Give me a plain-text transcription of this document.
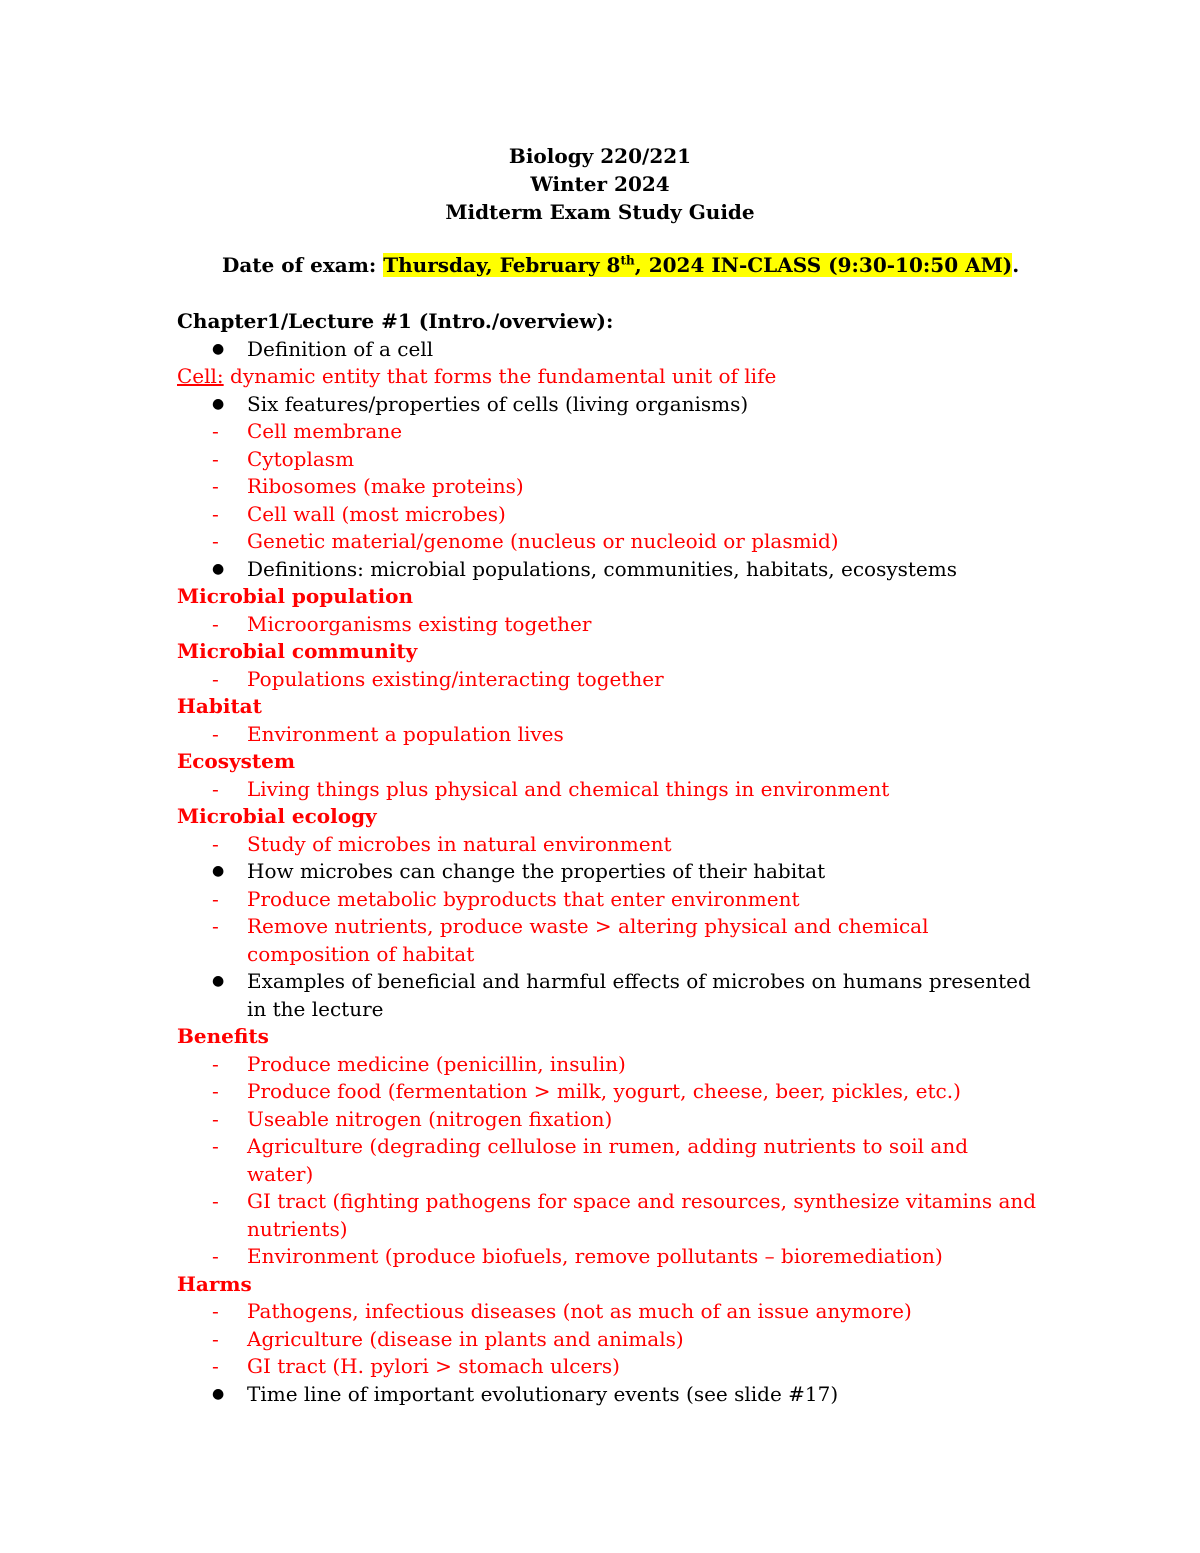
Biology 220/221
Winter 2024
Midterm Exam Study Guide
Date of exam: Thursday, February 8th, 2024 IN-CLASS (9:30-10:50 AM).
Chapter1/Lecture #1 (Intro./overview):
● Definition of a cell
Cell: dynamic entity that forms the fundamental unit of life
● Six features/properties of cells (living organisms)
- Cell membrane
- Cytoplasm
- Ribosomes (make proteins)
- Cell wall (most microbes)
- Genetic material/genome (nucleus or nucleoid or plasmid)
● Definitions: microbial populations, communities, habitats, ecosystems
Microbial population
- Microorganisms existing together
Microbial community
- Populations existing/interacting together
Habitat
- Environment a population lives
Ecosystem
- Living things plus physical and chemical things in environment
Microbial ecology
- Study of microbes in natural environment
● How microbes can change the properties of their habitat
- Produce metabolic byproducts that enter environment
- Remove nutrients, produce waste > altering physical and chemical
composition of habitat
● Examples of beneficial and harmful effects of microbes on humans presented
in the lecture
Benefits
- Produce medicine (penicillin, insulin)
- Produce food (fermentation > milk, yogurt, cheese, beer, pickles, etc.)
- Useable nitrogen (nitrogen fixation)
- Agriculture (degrading cellulose in rumen, adding nutrients to soil and
water)
- GI tract (fighting pathogens for space and resources, synthesize vitamins and
nutrients)
- Environment (produce biofuels, remove pollutants – bioremediation)
Harms
- Pathogens, infectious diseases (not as much of an issue anymore)
- Agriculture (disease in plants and animals)
- GI tract (H. pylori > stomach ulcers)
● Time line of important evolutionary events (see slide #17)
